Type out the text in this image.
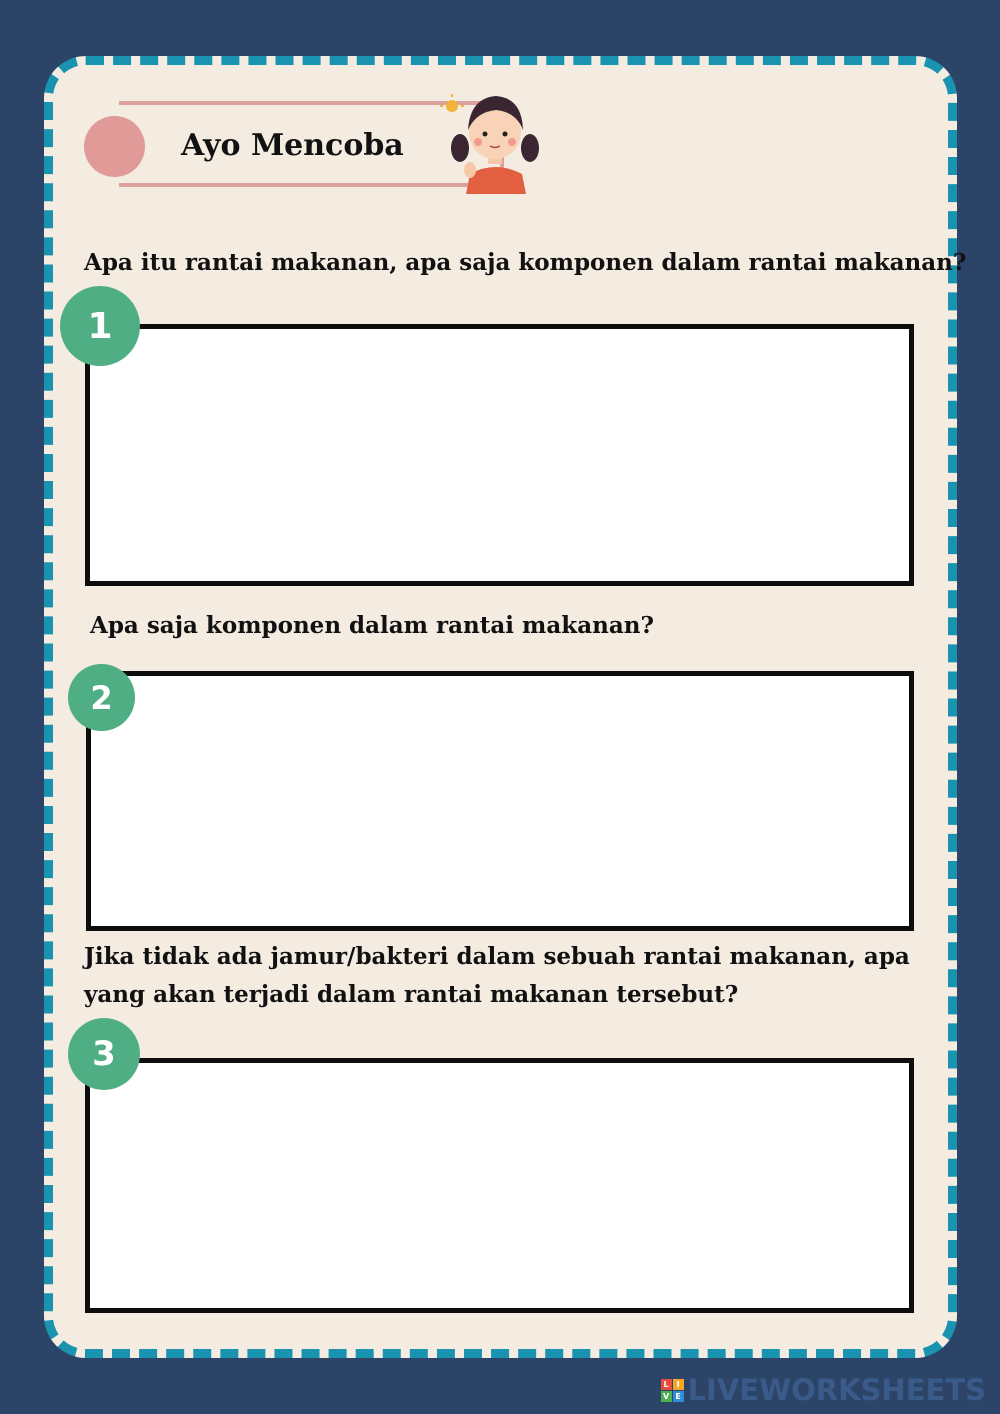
Ayo Mencoba
Apa itu rantai makanan, apa saja komponen dalam rantai makanan?
1
Apa saja komponen dalam rantai makanan?
2
Jika tidak ada jamur/bakteri dalam sebuah rantai makanan, apa
yang akan terjadi dalam rantai makanan tersebut?
3
L I
V E LIVEWORKSHEETS
